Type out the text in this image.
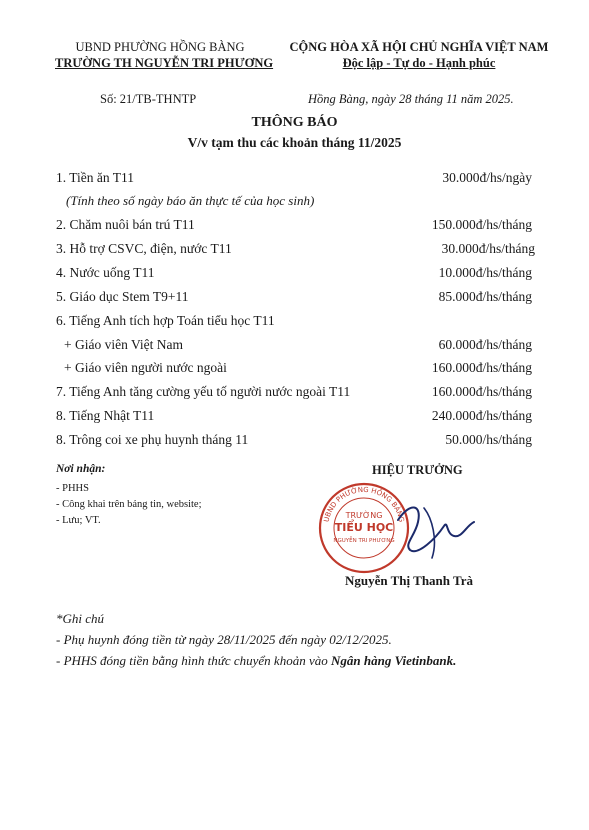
UBND PHƯỜNG HỒNG BÀNG
TRƯỜNG TH NGUYỄN TRI PHƯƠNG
CỘNG HÒA XÃ HỘI CHỦ NGHĨA VIỆT NAM
Độc lập - Tự do - Hạnh phúc
Số: 21/TB-THNTP	Hồng Bàng, ngày 28 tháng 11 năm 2025.
THÔNG BÁO
V/v tạm thu các khoản tháng 11/2025
1. Tiền ăn T11	30.000đ/hs/ngày
(Tính theo số ngày báo ăn thực tế của học sinh)
2. Chăm nuôi bán trú T11	150.000đ/hs/tháng
3. Hỗ trợ CSVC, điện, nước T11	30.000đ/hs/tháng
4. Nước uống T11	10.000đ/hs/tháng
5. Giáo dục Stem T9+11	85.000đ/hs/tháng
6. Tiếng Anh tích hợp Toán tiểu học T11
+ Giáo viên Việt Nam	60.000đ/hs/tháng
+ Giáo viên người nước ngoài	160.000đ/hs/tháng
7. Tiếng Anh tăng cường yếu tố người nước ngoài T11	160.000đ/hs/tháng
8. Tiếng Nhật T11	240.000đ/hs/tháng
8. Trông coi xe phụ huynh tháng 11	50.000/hs/tháng
Nơi nhận:
- PHHS
- Công khai trên bảng tin, website;
- Lưu; VT.
HIỆU TRƯỞNG
UBND PHƯỜNG HỒNG BÀNG
TRƯỜNG
TIỂU HỌC
NGUYỄN TRI PHƯƠNG
Nguyễn Thị Thanh Trà
*Ghi chú
- Phụ huynh đóng tiền từ ngày 28/11/2025 đến ngày 02/12/2025.
- PHHS đóng tiền bằng hình thức chuyển khoản vào Ngân hàng Vietinbank.
